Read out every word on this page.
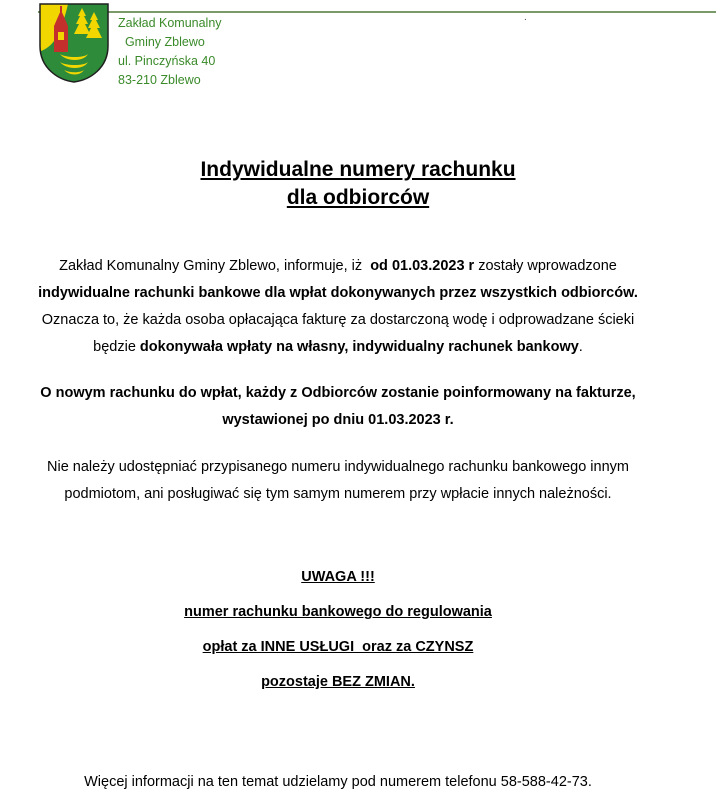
Zakład Komunalny
Gminy Zblewo
ul. Pinczyńska 40
83-210 Zblewo
.
Indywidualne numery rachunku
dla odbiorców
Zakład Komunalny Gminy Zblewo, informuje, iż  od 01.03.2023 r zostały wprowadzone
indywidualne rachunki bankowe dla wpłat dokonywanych przez wszystkich odbiorców.
Oznacza to, że każda osoba opłacająca fakturę za dostarczoną wodę i odprowadzane ścieki
będzie dokonywała wpłaty na własny, indywidualny rachunek bankowy.
O nowym rachunku do wpłat, każdy z Odbiorców zostanie poinformowany na fakturze,
wystawionej po dniu 01.03.2023 r.
Nie należy udostępniać przypisanego numeru indywidualnego rachunku bankowego innym
podmiotom, ani posługiwać się tym samym numerem przy wpłacie innych należności.
UWAGA !!!
numer rachunku bankowego do regulowania
opłat za INNE USŁUGI  oraz za CZYNSZ
pozostaje BEZ ZMIAN.
Więcej informacji na ten temat udzielamy pod numerem telefonu 58-588-42-73.
